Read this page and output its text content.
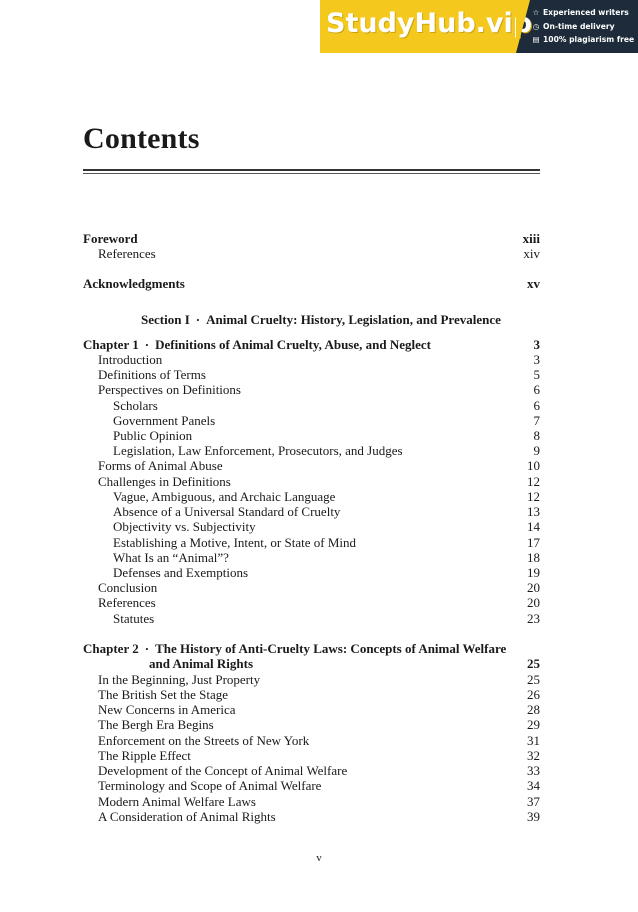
StudyHub.vip ☆ Experienced writers
◷ On-time delivery
▤ 100% plagiarism free
Contents
Section I · Animal Cruelty: History, Legislation, and Prevalence
Foreword	xiii
References	xiv
Acknowledgments	xv
Chapter 1 · Definitions of Animal Cruelty, Abuse, and Neglect	3
Introduction	3
Definitions of Terms	5
Perspectives on Definitions	6
Scholars	6
Government Panels	7
Public Opinion	8
Legislation, Law Enforcement, Prosecutors, and Judges	9
Forms of Animal Abuse	10
Challenges in Definitions	12
Vague, Ambiguous, and Archaic Language	12
Absence of a Universal Standard of Cruelty	13
Objectivity vs. Subjectivity	14
Establishing a Motive, Intent, or State of Mind	17
What Is an “Animal”?	18
Defenses and Exemptions	19
Conclusion	20
References	20
Statutes	23
Chapter 2 · The History of Anti-Cruelty Laws: Concepts of Animal Welfare
and Animal Rights	25
In the Beginning, Just Property	25
The British Set the Stage	26
New Concerns in America	28
The Bergh Era Begins	29
Enforcement on the Streets of New York	31
The Ripple Effect	32
Development of the Concept of Animal Welfare	33
Terminology and Scope of Animal Welfare	34
Modern Animal Welfare Laws	37
A Consideration of Animal Rights	39
v
